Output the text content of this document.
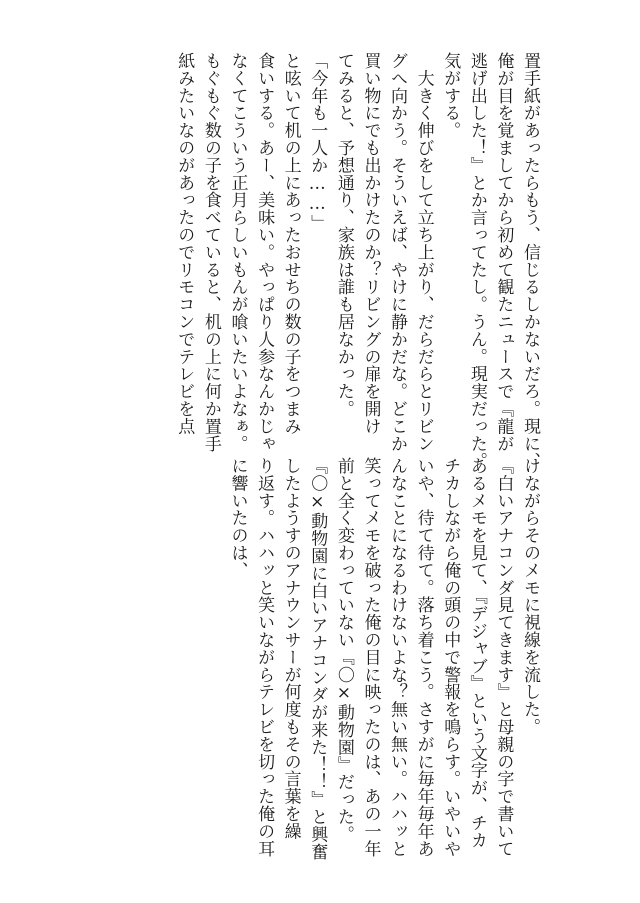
置手紙があったらもう、信じるしかないだろ。現に、
俺が目を覚ましてから初めて観たニュースで『龍が
逃げ出した！』とか言ってたし。うん。現実だった。
気がする。
　大きく伸びをして立ち上がり、だらだらとリビン
グへ向かう。そういえば、やけに静かだな。どこか
買い物にでも出かけたのか？リビングの扉を開け
てみると、予想通り、家族は誰も居なかった。
「今年も一人か……」
と呟いて机の上にあったおせちの数の子をつまみ
食いする。あー、美味い。やっぱり人参なんかじゃ
なくてこういう正月らしいもんが喰いたいよなぁ。
もぐもぐ数の子を食べていると、机の上に何か置手
紙みたいなのがあったのでリモコンでテレビを点
けながらそのメモに視線を流した。
『白いアナコンダ見てきます』と母親の字で書いて
あるメモを見て、『デジャブ』という文字が、チカ
チカしながら俺の頭の中で警報を鳴らす。いやいや
いや、待て待て。落ち着こう。さすがに毎年毎年あ
んなことになるわけないよな？無い無い。ハハッと
笑ってメモを破った俺の目に映ったのは、あの一年
前と全く変わっていない『〇×動物園』だった。
『〇×動物園に白いアナコンダが来た！！』と興奮
したようすのアナウンサーが何度もその言葉を繰
り返す。ハハッと笑いながらテレビを切った俺の耳
に響いたのは、
